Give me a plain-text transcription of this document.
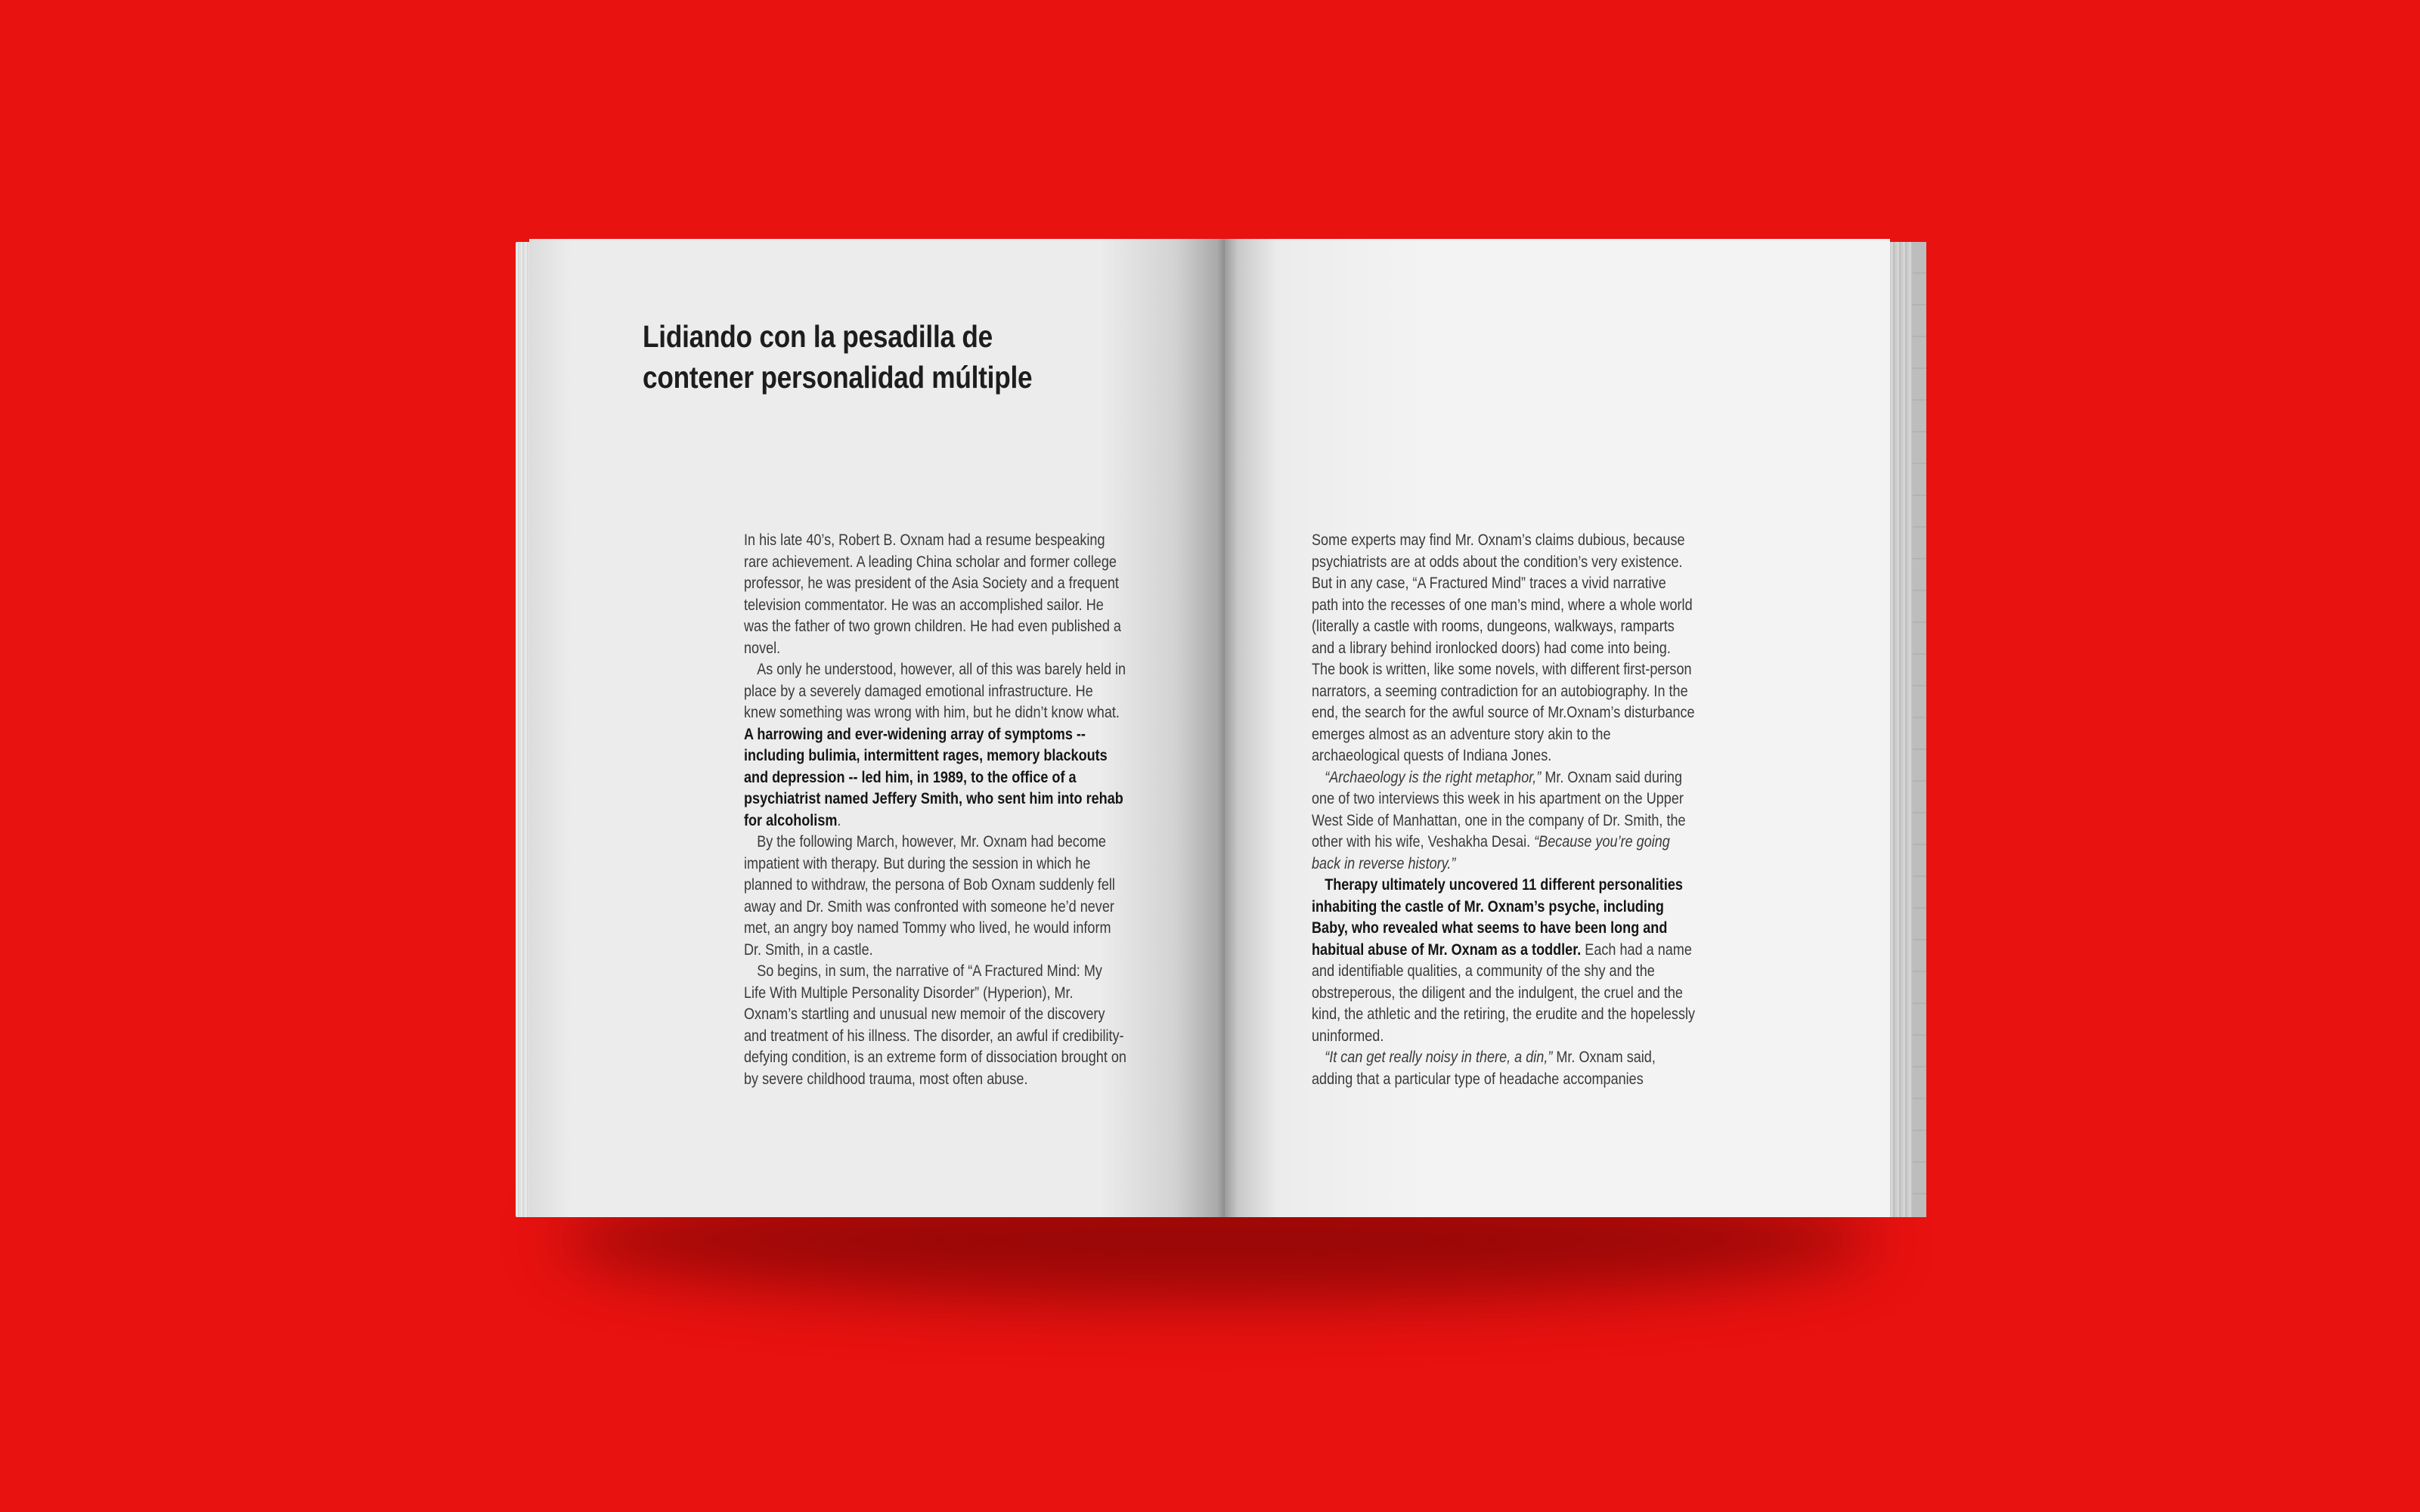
Lidiando con la pesadilla de
contener personalidad múltiple

In his late 40’s, Robert B. Oxnam had a resume bespeaking rare achievement. A leading China scholar and former college professor, he was president of the Asia Society and a frequent television commentator. He was an accomplished sailor. He was the father of two grown children. He had even published a novel.

As only he understood, however, all of this was barely held in place by a severely damaged emotional infrastructure. He knew something was wrong with him, but he didn’t know what. A harrowing and ever-widening array of symptoms -- including bulimia, intermittent rages, memory blackouts and depression -- led him, in 1989, to the office of a psychiatrist named Jeffery Smith, who sent him into rehab for alcoholism.

By the following March, however, Mr. Oxnam had become impatient with therapy. But during the session in which he planned to withdraw, the persona of Bob Oxnam suddenly fell away and Dr. Smith was confronted with someone he’d never met, an angry boy named Tommy who lived, he would inform Dr. Smith, in a castle.

So begins, in sum, the narrative of “A Fractured Mind: My Life With Multiple Personality Disorder” (Hyperion), Mr. Oxnam’s startling and unusual new memoir of the discovery and treatment of his illness. The disorder, an awful if credibility-defying condition, is an extreme form of dissociation brought on by severe childhood trauma, most often abuse.

Some experts may find Mr. Oxnam’s claims dubious, because psychiatrists are at odds about the condition’s very existence. But in any case, “A Fractured Mind” traces a vivid narrative path into the recesses of one man’s mind, where a whole world (literally a castle with rooms, dungeons, walkways, ramparts and a library behind ironlocked doors) had come into being. The book is written, like some novels, with different first-person narrators, a seeming contradiction for an autobiography. In the end, the search for the awful source of Mr.Oxnam’s disturbance emerges almost as an adventure story akin to the archaeological quests of Indiana Jones.

“Archaeology is the right metaphor,” Mr. Oxnam said during one of two interviews this week in his apartment on the Upper West Side of Manhattan, one in the company of Dr. Smith, the other with his wife, Veshakha Desai. “Because you’re going back in reverse history.”

Therapy ultimately uncovered 11 different personalities inhabiting the castle of Mr. Oxnam’s psyche, including Baby, who revealed what seems to have been long and habitual abuse of Mr. Oxnam as a toddler. Each had a name and identifiable qualities, a community of the shy and the obstreperous, the diligent and the indulgent, the cruel and the kind, the athletic and the retiring, the erudite and the hopelessly uninformed.

“It can get really noisy in there, a din,” Mr. Oxnam said, adding that a particular type of headache accompanies
